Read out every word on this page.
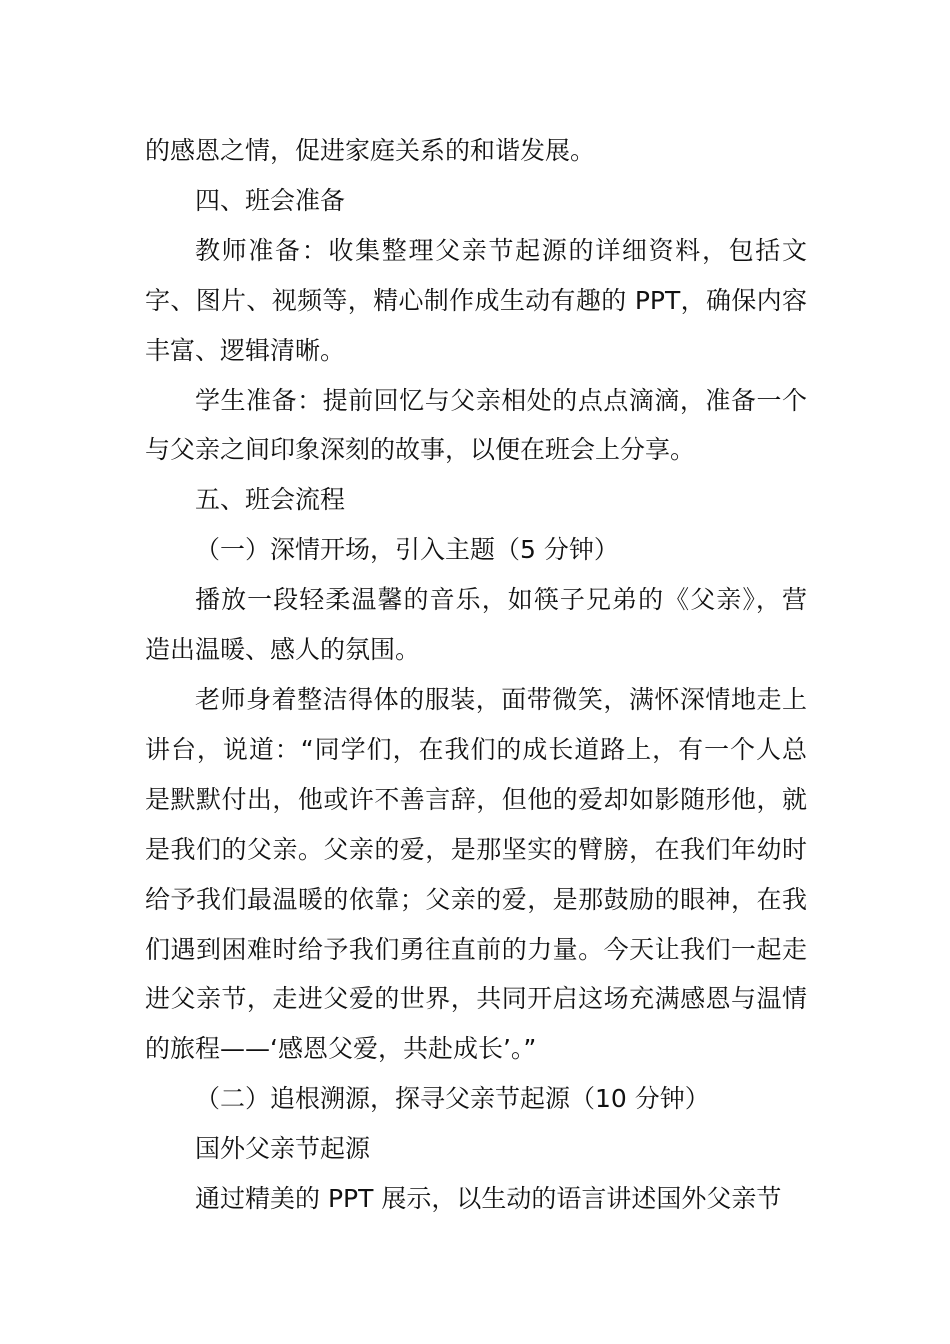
的感恩之情，促进家庭关系的和谐发展。

四、班会准备

教师准备：收集整理父亲节起源的详细资料，包括文字、图片、视频等，精心制作成生动有趣的 PPT，确保内容丰富、逻辑清晰。

学生准备：提前回忆与父亲相处的点点滴滴，准备一个与父亲之间印象深刻的故事，以便在班会上分享。

五、班会流程

（一）深情开场，引入主题（5 分钟）

播放一段轻柔温馨的音乐，如筷子兄弟的《父亲》，营造出温暖、感人的氛围。

老师身着整洁得体的服装，面带微笑，满怀深情地走上讲台，说道：“同学们，在我们的成长道路上，有一个人总是默默付出，他或许不善言辞，但他的爱却如影随形他，就是我们的父亲。父亲的爱，是那坚实的臂膀，在我们年幼时给予我们最温暖的依靠；父亲的爱，是那鼓励的眼神，在我们遇到困难时给予我们勇往直前的力量。今天让我们一起走进父亲节，走进父爱的世界，共同开启这场充满感恩与温情的旅程——‘感恩父爱，共赴成长’。”

（二）追根溯源，探寻父亲节起源（10 分钟）

国外父亲节起源

通过精美的 PPT 展示，以生动的语言讲述国外父亲节
